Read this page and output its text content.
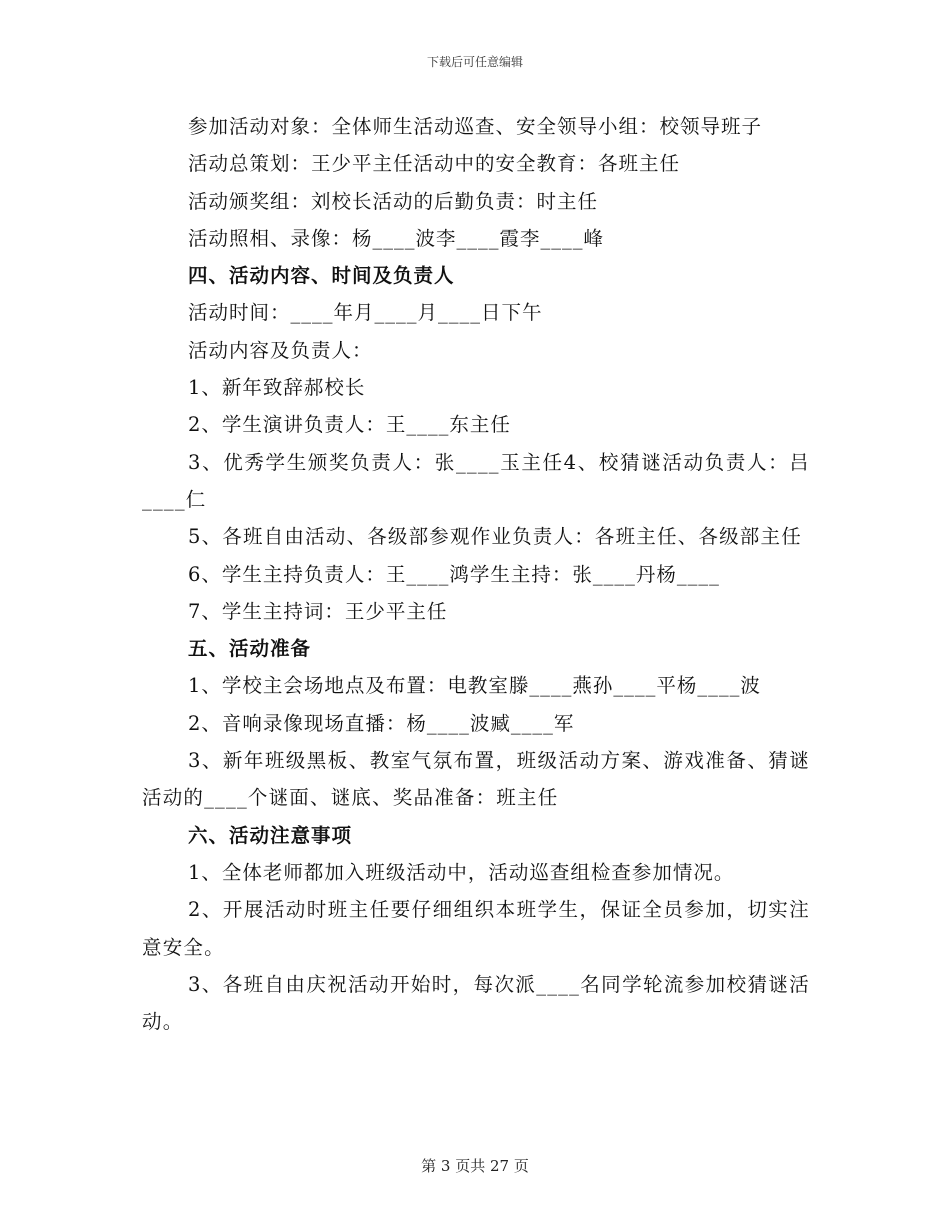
下载后可任意编辑
参加活动对象：全体师生活动巡查、安全领导小组：校领导班子
活动总策划：王少平主任活动中的安全教育：各班主任
活动颁奖组：刘校长活动的后勤负责：时主任
活动照相、录像：杨____波李____霞李____峰
四、活动内容、时间及负责人
活动时间：____年月____月____日下午
活动内容及负责人：
1、新年致辞郝校长
2、学生演讲负责人：王____东主任
3、优秀学生颁奖负责人：张____玉主任4、校猜谜活动负责人：吕____仁
5、各班自由活动、各级部参观作业负责人：各班主任、各级部主任
6、学生主持负责人：王____鸿学生主持：张____丹杨____
7、学生主持词：王少平主任
五、活动准备
1、学校主会场地点及布置：电教室滕____燕孙____平杨____波
2、音响录像现场直播：杨____波臧____军
3、新年班级黑板、教室气氛布置，班级活动方案、游戏准备、猜谜活动的____个谜面、谜底、奖品准备：班主任
六、活动注意事项
1、全体老师都加入班级活动中，活动巡查组检查参加情况。
2、开展活动时班主任要仔细组织本班学生，保证全员参加，切实注意安全。
3、各班自由庆祝活动开始时，每次派____名同学轮流参加校猜谜活动。
第 3 页共 27 页
